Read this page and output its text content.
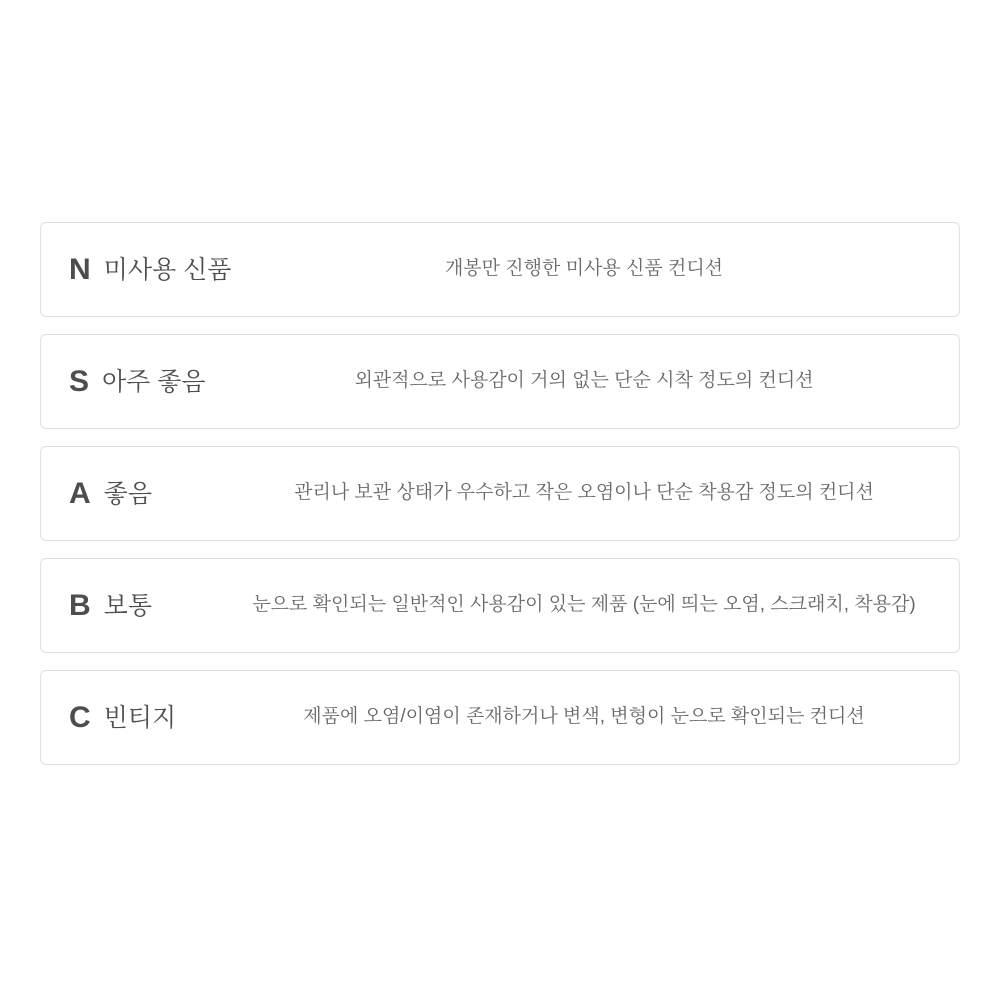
N 미사용 신품	개봉만 진행한 미사용 신품 컨디션
S 아주 좋음	외관적으로 사용감이 거의 없는 단순 시착 정도의 컨디션
A 좋음	관리나 보관 상태가 우수하고 작은 오염이나 단순 착용감 정도의 컨디션
B 보통	눈으로 확인되는 일반적인 사용감이 있는 제품 (눈에 띄는 오염, 스크래치, 착용감)
C 빈티지	제품에 오염/이염이 존재하거나 변색, 변형이 눈으로 확인되는 컨디션
